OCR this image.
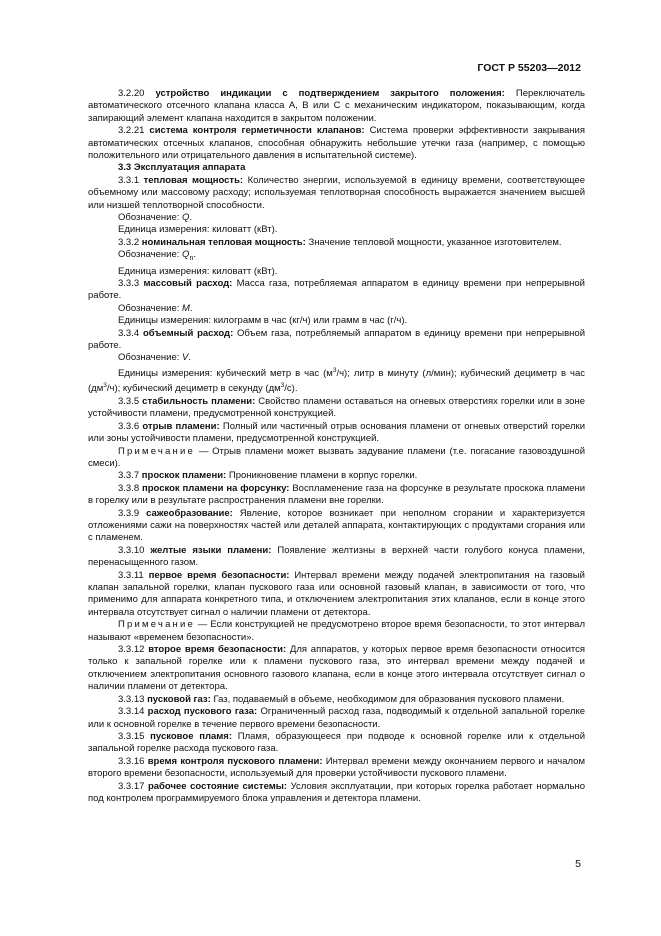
ГОСТ Р 55203—2012

3.2.20 устройство индикации с подтверждением закрытого положения: Переключатель автоматического отсечного клапана класса А, В или С с механическим индикатором, показывающим, когда запирающий элемент клапана находится в закрытом положении.

3.2.21 система контроля герметичности клапанов: Система проверки эффективности закрывания автоматических отсечных клапанов, способная обнаружить небольшие утечки газа (например, с помощью положительного или отрицательного давления в испытательной системе).

3.3 Эксплуатация аппарата

3.3.1 тепловая мощность: Количество энергии, используемой в единицу времени, соответствующее объемному или массовому расходу; используемая теплотворная способность выражается значением высшей или низшей теплотворной способности.

Обозначение: Q.

Единица измерения: киловатт (кВт).

3.3.2 номинальная тепловая мощность: Значение тепловой мощности, указанное изготовителем.

Обозначение: $Q_n$.

Единица измерения: киловатт (кВт).

3.3.3 массовый расход: Масса газа, потребляемая аппаратом в единицу времени при непрерывной работе.

Обозначение: M.

Единицы измерения: килограмм в час (кг/ч) или грамм в час (г/ч).

3.3.4 объемный расход: Объем газа, потребляемый аппаратом в единицу времени при непрерывной работе.

Обозначение: V.

Единицы измерения: кубический метр в час $(м^3/ч)$; литр в минуту (л/мин); кубический дециметр в час $(дм^3/ч)$; кубический дециметр в секунду $(дм^3/с)$.

3.3.5 стабильность пламени: Свойство пламени оставаться на огневых отверстиях горелки или в зоне устойчивости пламени, предусмотренной конструкцией.

3.3.6 отрыв пламени: Полный или частичный отрыв основания пламени от огневых отверстий горелки или зоны устойчивости пламени, предусмотренной конструкцией.

Примечание — Отрыв пламени может вызвать задувание пламени (т.е. погасание газовоздушной смеси).

3.3.7 проскок пламени: Проникновение пламени в корпус горелки.

3.3.8 проскок пламени на форсунку: Воспламенение газа на форсунке в результате проскока пламени в горелку или в результате распространения пламени вне горелки.

3.3.9 сажеобразование: Явление, которое возникает при неполном сгорании и характеризуется отложениями сажи на поверхностях частей или деталей аппарата, контактирующих с продуктами сгорания или с пламенем.

3.3.10 желтые языки пламени: Появление желтизны в верхней части голубого конуса пламени, перенасыщенного газом.

3.3.11 первое время безопасности: Интервал времени между подачей электропитания на газовый клапан запальной горелки, клапан пускового газа или основной газовый клапан, в зависимости от того, что применимо для аппарата конкретного типа, и отключением электропитания этих клапанов, если в конце этого интервала отсутствует сигнал о наличии пламени от детектора.

Примечание — Если конструкцией не предусмотрено второе время безопасности, то этот интервал называют «временем безопасности».

3.3.12 второе время безопасности: Для аппаратов, у которых первое время безопасности относится только к запальной горелке или к пламени пускового газа, это интервал времени между подачей и отключением электропитания основного газового клапана, если в конце этого интервала отсутствует сигнал о наличии пламени от детектора.

3.3.13 пусковой газ: Газ, подаваемый в объеме, необходимом для образования пускового пламени.

3.3.14 расход пускового газа: Ограниченный расход газа, подводимый к отдельной запальной горелке или к основной горелке в течение первого времени безопасности.

3.3.15 пусковое пламя: Пламя, образующееся при подводе к основной горелке или к отдельной запальной горелке расхода пускового газа.

3.3.16 время контроля пускового пламени: Интервал времени между окончанием первого и началом второго времени безопасности, используемый для проверки устойчивости пускового пламени.

3.3.17 рабочее состояние системы: Условия эксплуатации, при которых горелка работает нормально под контролем программируемого блока управления и детектора пламени.

5
